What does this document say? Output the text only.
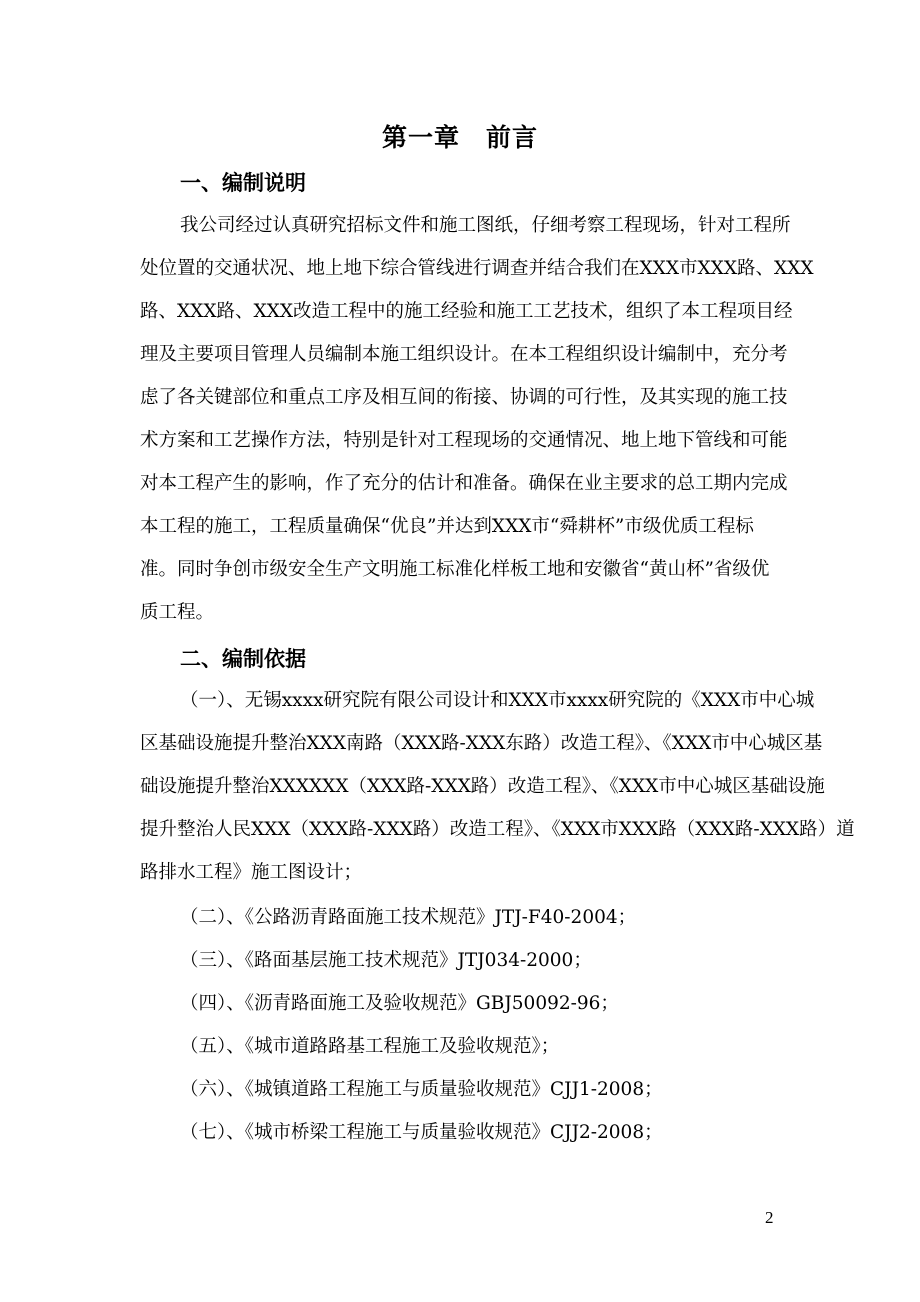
第一章　前言
一、编制说明
我公司经过认真研究招标文件和施工图纸，仔细考察工程现场，针对工程所
处位置的交通状况、地上地下综合管线进行调查并结合我们在XXX市XXX路、XXX
路、XXX路、XXX改造工程中的施工经验和施工工艺技术，组织了本工程项目经
理及主要项目管理人员编制本施工组织设计。在本工程组织设计编制中，充分考
虑了各关键部位和重点工序及相互间的衔接、协调的可行性，及其实现的施工技
术方案和工艺操作方法，特别是针对工程现场的交通情况、地上地下管线和可能
对本工程产生的影响，作了充分的估计和准备。确保在业主要求的总工期内完成
本工程的施工，工程质量确保“优良”并达到XXX市“舜耕杯”市级优质工程标
准。同时争创市级安全生产文明施工标准化样板工地和安徽省“黄山杯”省级优
质工程。
二、编制依据
（一）、无锡xxxx研究院有限公司设计和XXX市xxxx研究院的《XXX市中心城
区基础设施提升整治XXX南路（XXX路-XXX东路）改造工程》、《XXX市中心城区基
础设施提升整治XXXXXX（XXX路-XXX路）改造工程》、《XXX市中心城区基础设施
提升整治人民XXX（XXX路-XXX路）改造工程》、《XXX市XXX路（XXX路-XXX路）道
路排水工程》施工图设计；
（二）、《公路沥青路面施工技术规范》JTJ-F40-2004；
（三）、《路面基层施工技术规范》JTJ034-2000；
（四）、《沥青路面施工及验收规范》GBJ50092-96；
（五）、《城市道路路基工程施工及验收规范》；
（六）、《城镇道路工程施工与质量验收规范》CJJ1-2008；
（七）、《城市桥梁工程施工与质量验收规范》CJJ2-2008；
2
